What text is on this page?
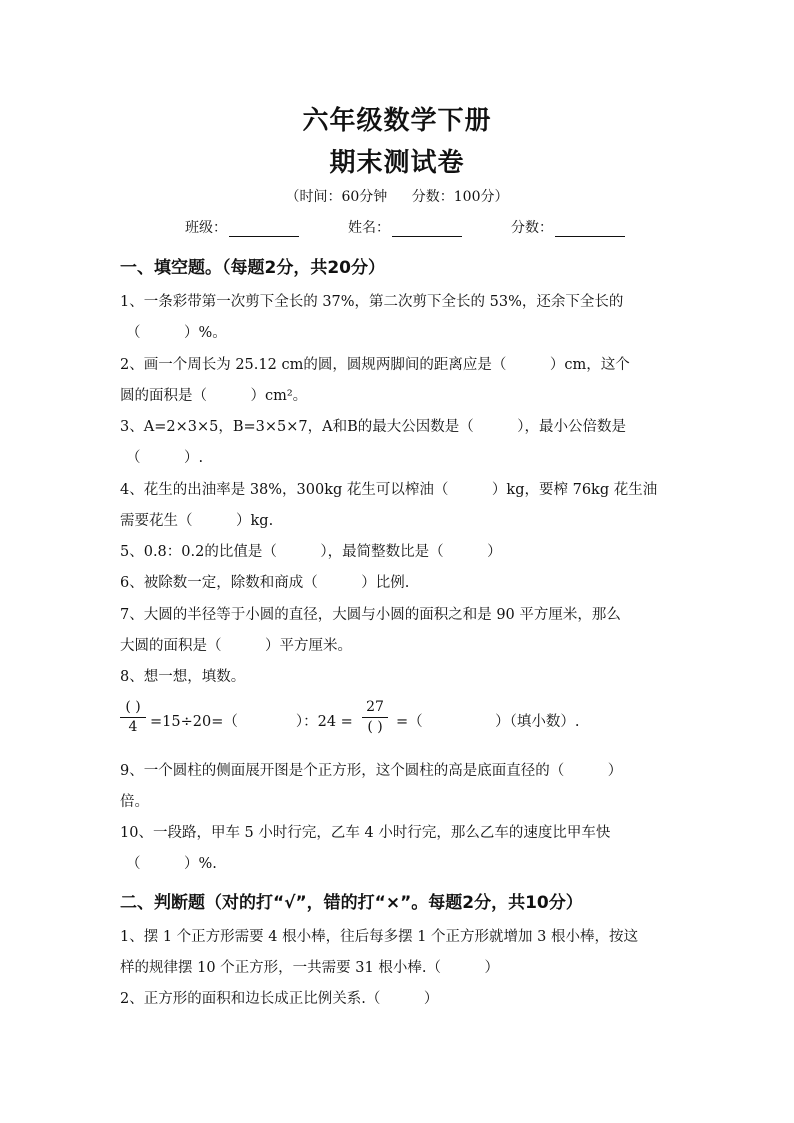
六年级数学下册
期末测试卷
（时间：60分钟 分数：100分）
班级：	姓名：	分数：
一、填空题。（每题2分，共20分）
1、一条彩带第一次剪下全长的 37%，第二次剪下全长的 53%，还余下全长的
（　　　）%。
2、画一个周长为 25.12 cm的圆，圆规两脚间的距离应是（　　　）cm，这个
圆的面积是（　　　）cm²。
3、A=2×3×5，B=3×5×7，A和B的最大公因数是（　　　），最小公倍数是
（　　　）.
4、花生的出油率是 38%，300kg 花生可以榨油（　　　）kg，要榨 76kg 花生油
需要花生（　　　）kg.
5、0.8：0.2的比值是（　　　），最简整数比是（　　　）
6、被除数一定，除数和商成（　　　）比例.
7、大圆的半径等于小圆的直径，大圆与小圆的面积之和是 90 平方厘米，那么
大圆的面积是（　　　）平方厘米。
8、想一想，填数。
( )
4 =15÷20=（　　　　）：24 =
27
( ) =（　　　　　）（填小数）.
9、一个圆柱的侧面展开图是个正方形，这个圆柱的高是底面直径的（　　　）
倍。
10、一段路，甲车 5 小时行完，乙车 4 小时行完，那么乙车的速度比甲车快
（　　　）%.
二、判断题（对的打“√”，错的打“×”。每题2分，共10分）
1、摆 1 个正方形需要 4 根小棒，往后每多摆 1 个正方形就增加 3 根小棒，按这
样的规律摆 10 个正方形，一共需要 31 根小棒.（　　　）
2、正方形的面积和边长成正比例关系.（　　　）
